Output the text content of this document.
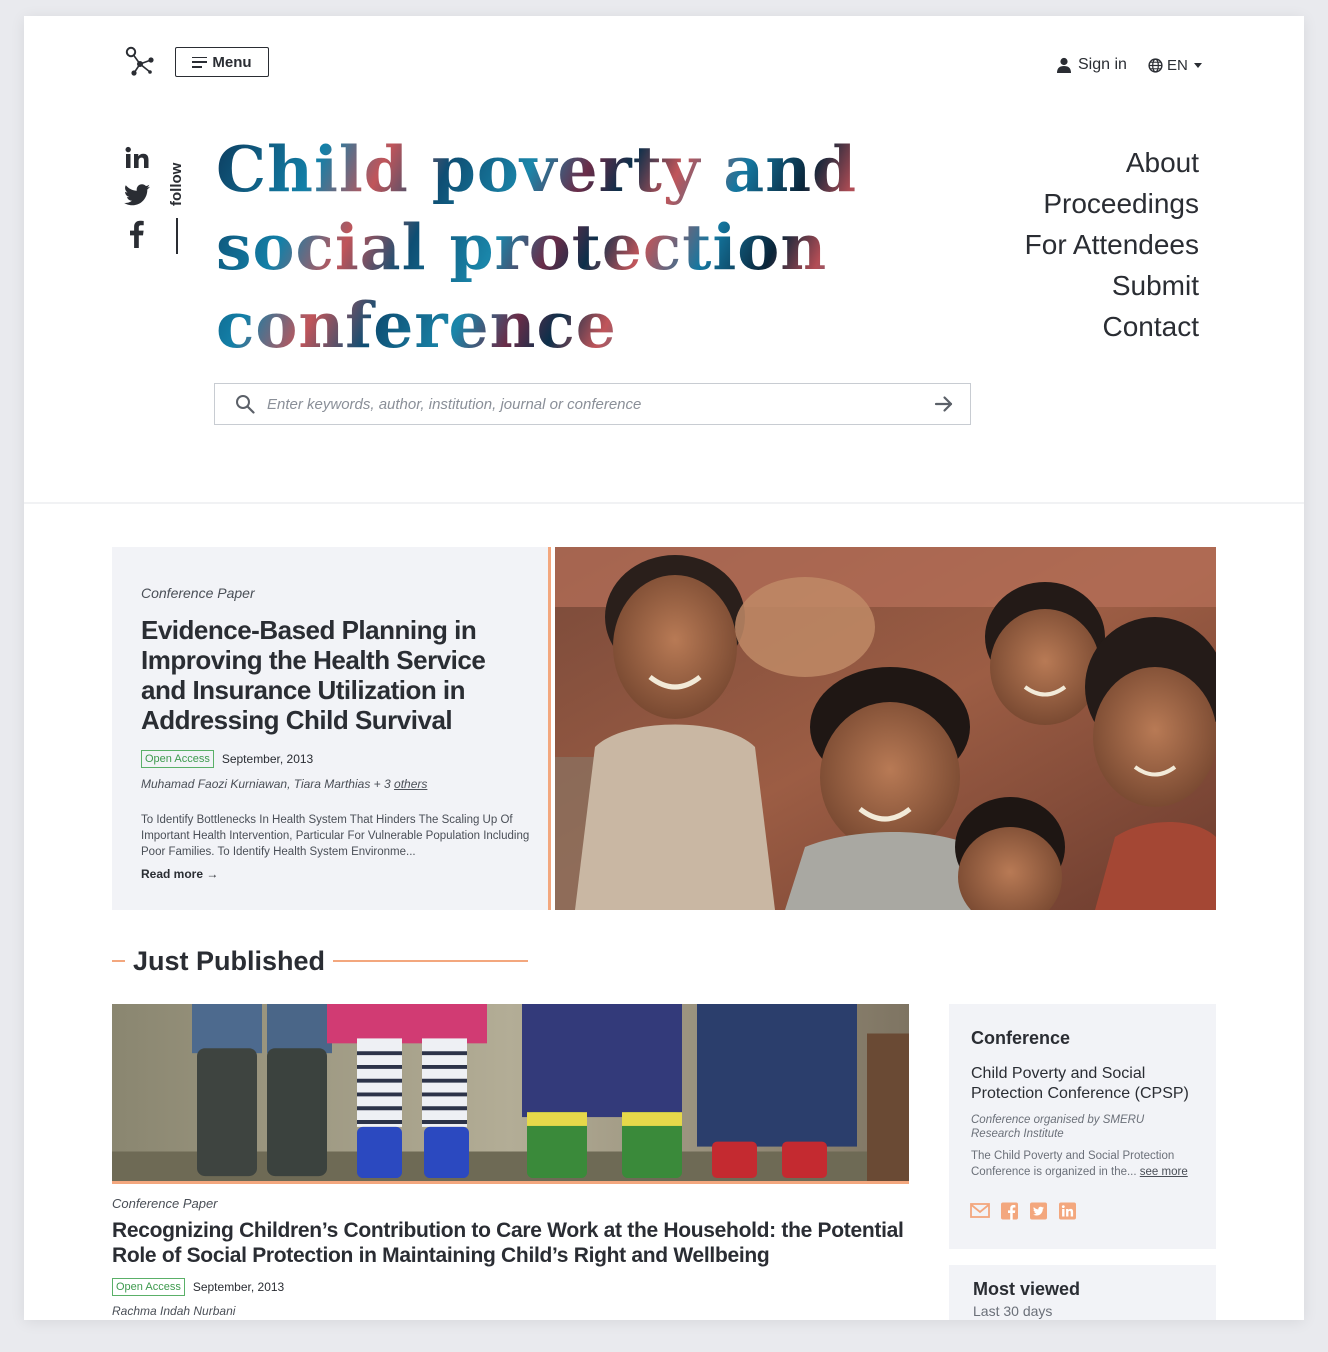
Menu	Sign in	EN
follow Child poverty and
social protection
conference
About
Proceedings
For Attendees
Submit
Contact
Enter keywords, author, institution, journal or conference
Conference Paper
Evidence-Based Planning in Improving the Health Service and Insurance Utilization in Addressing Child Survival
Open Access	September, 2013
Muhamad Faozi Kurniawan, Tiara Marthias + 3 others

To Identify Bottlenecks In Health System That Hinders The Scaling Up Of Important Health Intervention, Particular For Vulnerable Population Including Poor Families. To Identify Health System Environme...

Read more →
Just Published
Conference Paper
Recognizing Children’s Contribution to Care Work at the Household: the Potential Role of Social Protection in Maintaining Child’s Right and Wellbeing
Open Access	September, 2013
Rachma Indah Nurbani
Conference
Child Poverty and Social Protection Conference (CPSP)
Conference organised by SMERU Research Institute
The Child Poverty and Social Protection Conference is organized in the... see more
Most viewed
Last 30 days
